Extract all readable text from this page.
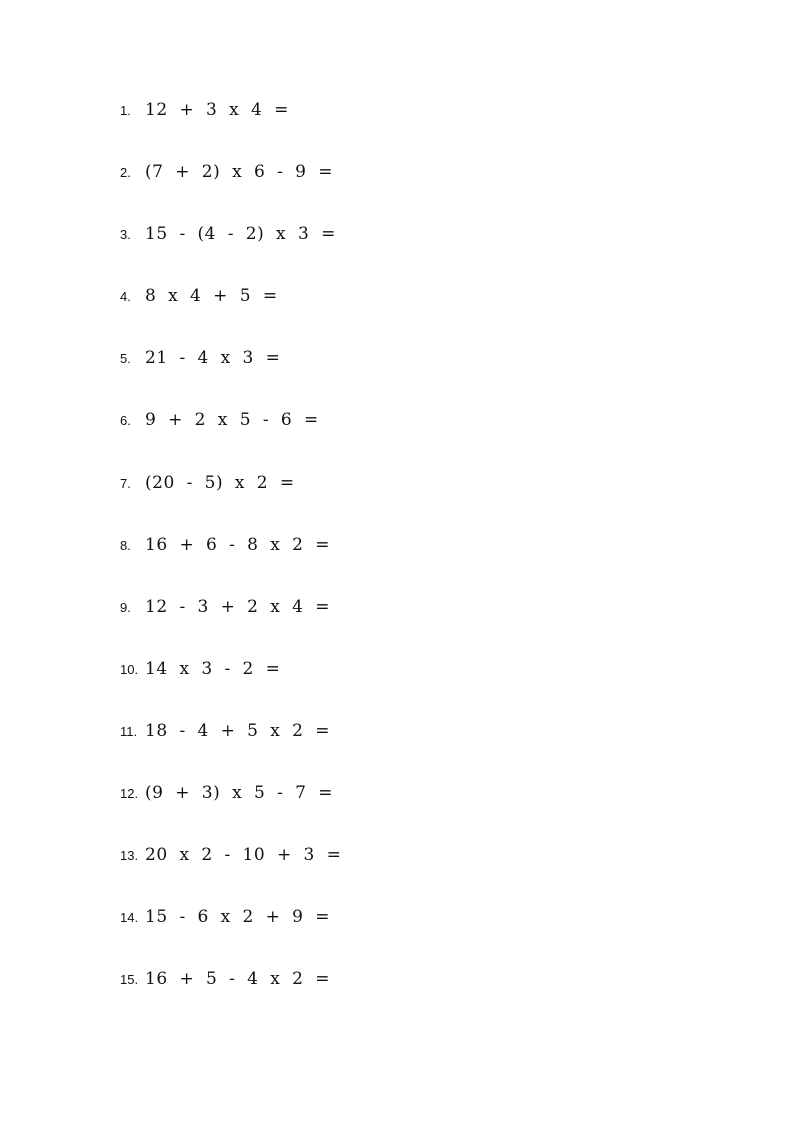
1. 12  +  3  x  4  =
2. (7  +  2)  x  6  -  9  =
3. 15  -  (4  -  2)  x  3  =
4. 8  x  4  +  5  =
5. 21  -  4  x  3  =
6. 9  +  2  x  5  -  6  =
7. (20  -  5)  x  2  =
8. 16  +  6  -  8  x  2  =
9. 12  -  3  +  2  x  4  =
10. 14  x  3  -  2  =
11. 18  -  4  +  5  x  2  =
12. (9  +  3)  x  5  -  7  =
13. 20  x  2  -  10  +  3  =
14. 15  -  6  x  2  +  9  =
15. 16  +  5  -  4  x  2  =
